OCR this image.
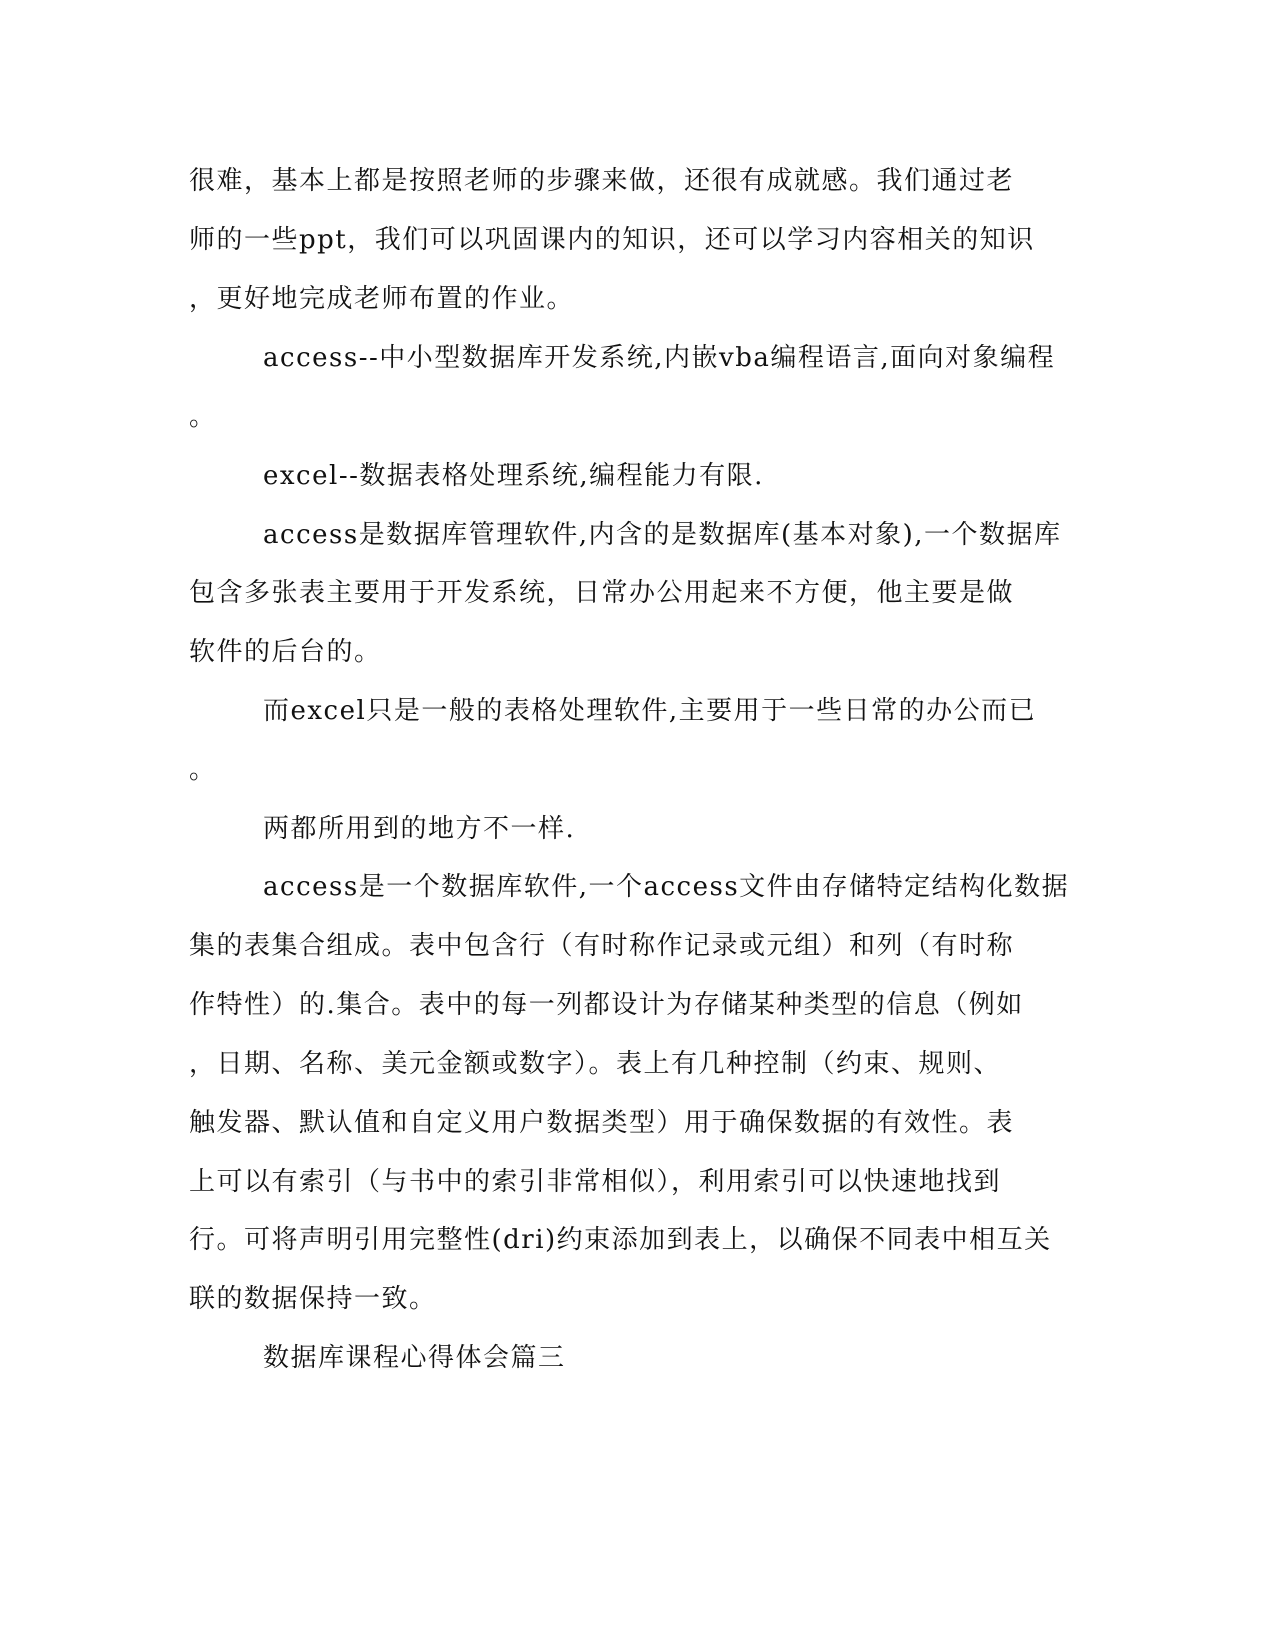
很难，基本上都是按照老师的步骤来做，还很有成就感。我们通过老
师的一些ppt，我们可以巩固课内的知识，还可以学习内容相关的知识
，更好地完成老师布置的作业。
access--中小型数据库开发系统,内嵌vba编程语言,面向对象编程
。
excel--数据表格处理系统,编程能力有限.
access是数据库管理软件,内含的是数据库(基本对象),一个数据库
包含多张表主要用于开发系统，日常办公用起来不方便，他主要是做
软件的后台的。
而excel只是一般的表格处理软件,主要用于一些日常的办公而已
。
两都所用到的地方不一样.
access是一个数据库软件,一个access文件由存储特定结构化数据
集的表集合组成。表中包含行（有时称作记录或元组）和列（有时称
作特性）的.集合。表中的每一列都设计为存储某种类型的信息（例如
，日期、名称、美元金额或数字）。表上有几种控制（约束、规则、
触发器、默认值和自定义用户数据类型）用于确保数据的有效性。表
上可以有索引（与书中的索引非常相似），利用索引可以快速地找到
行。可将声明引用完整性(dri)约束添加到表上，以确保不同表中相互关
联的数据保持一致。
数据库课程心得体会篇三
